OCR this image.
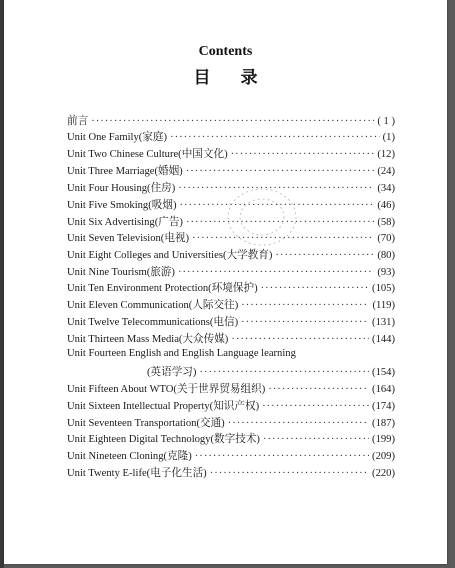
Contents
目录
前言 ·····	( 1 )
Unit One Family(家庭) ·····	(1)
Unit Two Chinese Culture(中国文化) ·····	(12)
Unit Three Marriage(婚姻) ·····	(24)
Unit Four Housing(住房) ·····	(34)
Unit Five Smoking(吸烟) ·····	(46)
Unit Six Advertising(广告) ·····	(58)
Unit Seven Television(电视) ·····	(70)
Unit Eight Colleges and Universities(大学教育) ·····	(80)
Unit Nine Tourism(旅游) ·····	(93)
Unit Ten Environment Protection(环境保护) ·····	(105)
Unit Eleven Communication(人际交往) ·····	(119)
Unit Twelve Telecommunications(电信) ·····	(131)
Unit Thirteen Mass Media(大众传媒) ·····	(144)
Unit Fourteen English and English Language learning
(英语学习) ·····	(154)
Unit Fifteen About WTO(关于世界贸易组织) ·····	(164)
Unit Sixteen Intellectual Property(知识产权) ·····	(174)
Unit Seventeen Transportation(交通) ·····	(187)
Unit Eighteen Digital Technology(数字技术) ·····	(199)
Unit Nineteen Cloning(克隆) ·····	(209)
Unit Twenty E-life(电子化生活) ·····	(220)
